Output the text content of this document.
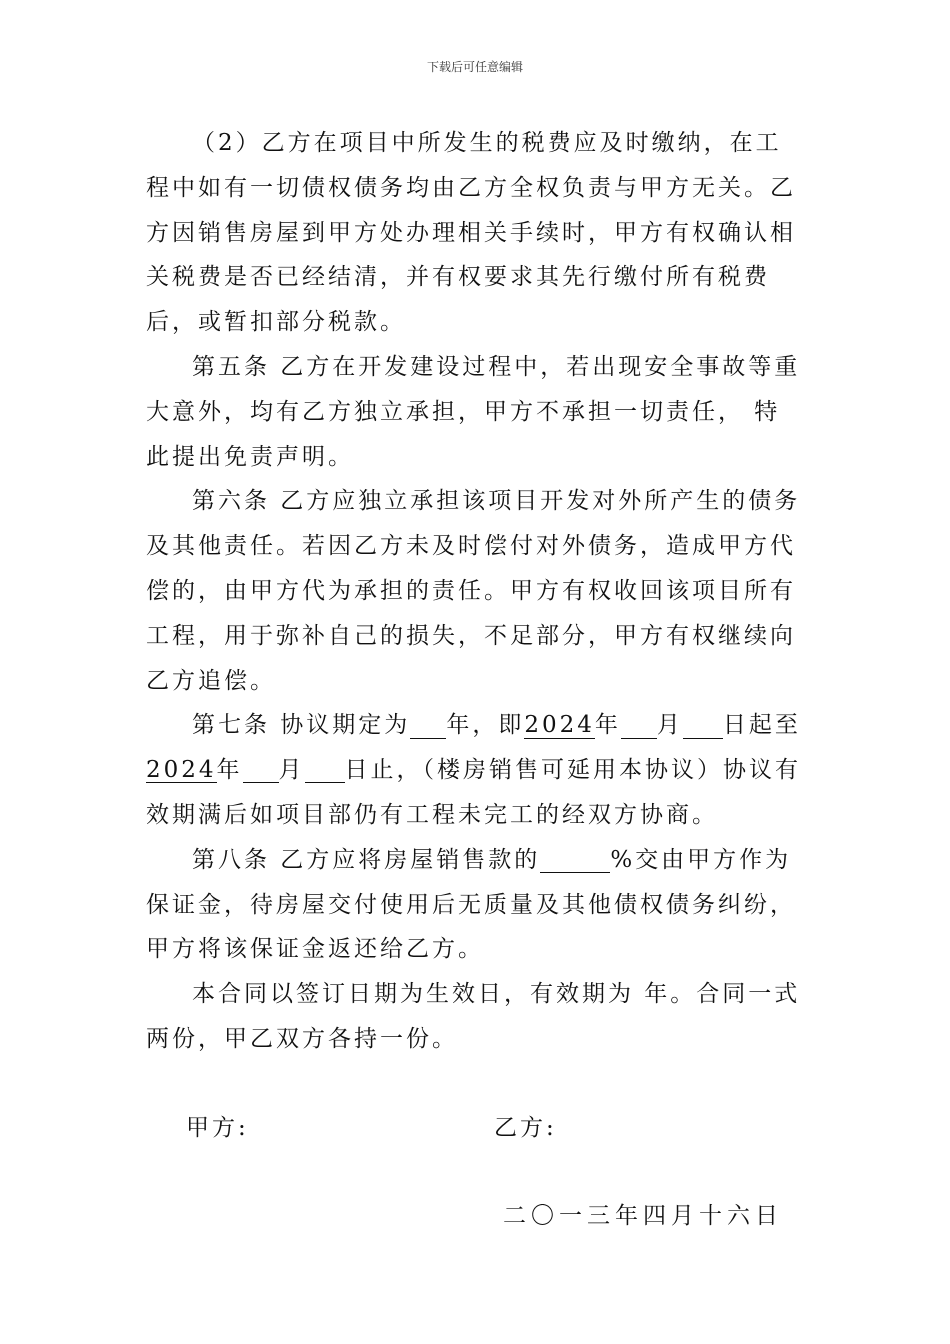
下载后可任意编辑

（2）乙方在项目中所发生的税费应及时缴纳，在工程中如有一切债权债务均由乙方全权负责与甲方无关。乙方因销售房屋到甲方处办理相关手续时，甲方有权确认相关税费是否已经结清，并有权要求其先行缴付所有税费后，或暂扣部分税款。

第五条 乙方在开发建设过程中，若出现安全事故等重大意外，均有乙方独立承担，甲方不承担一切责任， 特此提出免责声明。

第六条 乙方应独立承担该项目开发对外所产生的债务及其他责任。若因乙方未及时偿付对外债务，造成甲方代偿的，由甲方代为承担的责任。甲方有权收回该项目所有工程，用于弥补自己的损失，不足部分，甲方有权继续向乙方追偿。

第七条 协议期定为 年，即2024年 月 日起至2024年 月 日止，（楼房销售可延用本协议）协议有效期满后如项目部仍有工程未完工的经双方协商。

第八条 乙方应将房屋销售款的	%交由甲方作为保证金，待房屋交付使用后无质量及其他债权债务纠纷，甲方将该保证金返还给乙方。

本合同以签订日期为生效日，有效期为 年。合同一式两份，甲乙双方各持一份。

甲方:	乙方:
二〇一三年四月十六日
